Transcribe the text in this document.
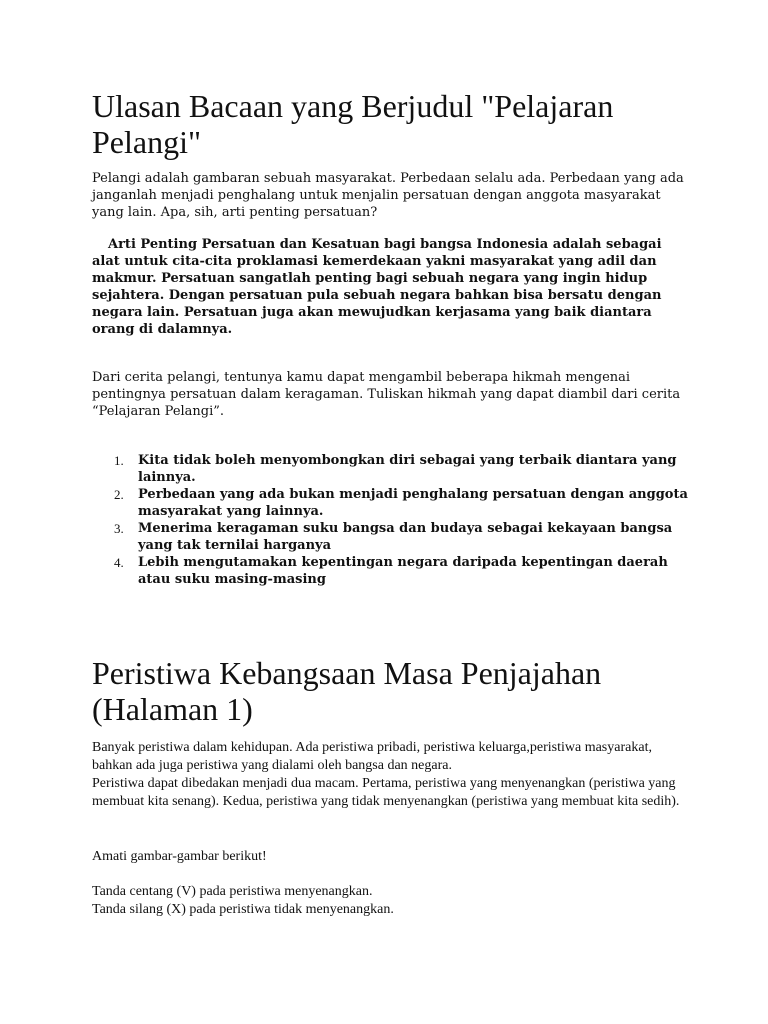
Ulasan Bacaan yang Berjudul "Pelajaran Pelangi"

Pelangi adalah gambaran sebuah masyarakat. Perbedaan selalu ada. Perbedaan yang ada janganlah menjadi penghalang untuk menjalin persatuan dengan anggota masyarakat yang lain. Apa, sih, arti penting persatuan?

Arti Penting Persatuan dan Kesatuan bagi bangsa Indonesia adalah sebagai alat untuk cita-cita proklamasi kemerdekaan yakni masyarakat yang adil dan makmur. Persatuan sangatlah penting bagi sebuah negara yang ingin hidup sejahtera. Dengan persatuan pula sebuah negara bahkan bisa bersatu dengan negara lain. Persatuan juga akan mewujudkan kerjasama yang baik diantara orang di dalamnya.

Dari cerita pelangi, tentunya kamu dapat mengambil beberapa hikmah mengenai pentingnya persatuan dalam keragaman. Tuliskan hikmah yang dapat diambil dari cerita “Pelajaran Pelangi”.

1. Kita tidak boleh menyombongkan diri sebagai yang terbaik diantara yang lainnya.
2. Perbedaan yang ada bukan menjadi penghalang persatuan dengan anggota masyarakat yang lainnya.
3. Menerima keragaman suku bangsa dan budaya sebagai kekayaan bangsa yang tak ternilai harganya
4. Lebih mengutamakan kepentingan negara daripada kepentingan daerah atau suku masing-masing
Peristiwa Kebangsaan Masa Penjajahan (Halaman 1)

Banyak peristiwa dalam kehidupan. Ada peristiwa pribadi, peristiwa keluarga,peristiwa masyarakat, bahkan ada juga peristiwa yang dialami oleh bangsa dan negara.
Peristiwa dapat dibedakan menjadi dua macam. Pertama, peristiwa yang menyenangkan (peristiwa yang membuat kita senang). Kedua, peristiwa yang tidak menyenangkan (peristiwa yang membuat kita sedih).

Amati gambar-gambar berikut!

Tanda centang (V) pada peristiwa menyenangkan.
Tanda silang (X) pada peristiwa tidak menyenangkan.
